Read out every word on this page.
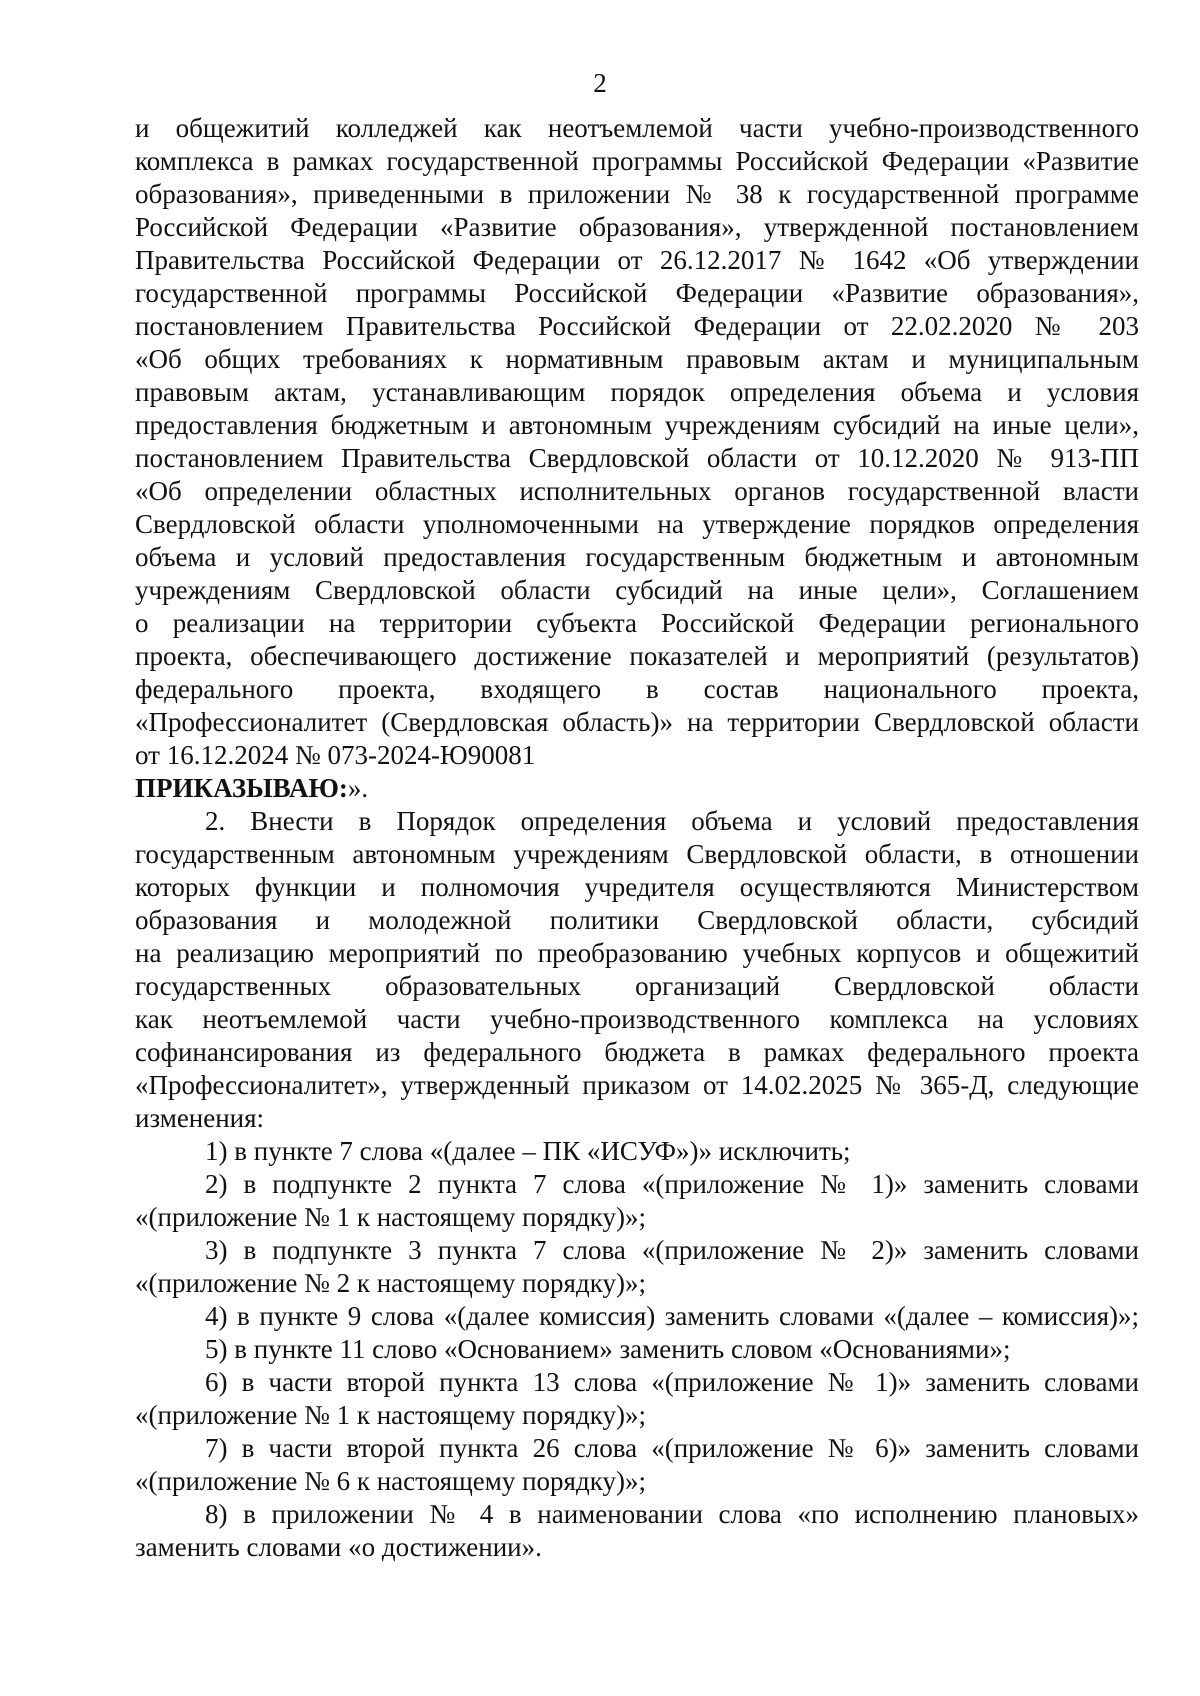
2
и общежитий колледжей как неотъемлемой части учебно-производственного
комплекса в рамках государственной программы Российской Федерации «Развитие
образования», приведенными в приложении № 38 к государственной программе
Российской Федерации «Развитие образования», утвержденной постановлением
Правительства Российской Федерации от 26.12.2017 № 1642 «Об утверждении
государственной программы Российской Федерации «Развитие образования»,
постановлением Правительства Российской Федерации от 22.02.2020 № 203
«Об общих требованиях к нормативным правовым актам и муниципальным
правовым актам, устанавливающим порядок определения объема и условия
предоставления бюджетным и автономным учреждениям субсидий на иные цели»,
постановлением Правительства Свердловской области от 10.12.2020 № 913-ПП
«Об определении областных исполнительных органов государственной власти
Свердловской области уполномоченными на утверждение порядков определения
объема и условий предоставления государственным бюджетным и автономным
учреждениям Свердловской области субсидий на иные цели», Соглашением
о реализации на территории субъекта Российской Федерации регионального
проекта, обеспечивающего достижение показателей и мероприятий (результатов)
федерального проекта, входящего в состав национального проекта,
«Профессионалитет (Свердловская область)» на территории Свердловской области
от 16.12.2024 № 073-2024-Ю90081
ПРИКАЗЫВАЮ:».
2. Внести в Порядок определения объема и условий предоставления
государственным автономным учреждениям Свердловской области, в отношении
которых функции и полномочия учредителя осуществляются Министерством
образования и молодежной политики Свердловской области, субсидий
на реализацию мероприятий по преобразованию учебных корпусов и общежитий
государственных образовательных организаций Свердловской области
как неотъемлемой части учебно-производственного комплекса на условиях
софинансирования из федерального бюджета в рамках федерального проекта
«Профессионалитет», утвержденный приказом от 14.02.2025 № 365-Д, следующие
изменения:
1) в пункте 7 слова «(далее – ПК «ИСУФ»)» исключить;
2) в подпункте 2 пункта 7 слова «(приложение № 1)» заменить словами
«(приложение № 1 к настоящему порядку)»;
3) в подпункте 3 пункта 7 слова «(приложение № 2)» заменить словами
«(приложение № 2 к настоящему порядку)»;
4) в пункте 9 слова «(далее комиссия) заменить словами «(далее – комиссия)»;
5) в пункте 11 слово «Основанием» заменить словом «Основаниями»;
6) в части второй пункта 13 слова «(приложение № 1)» заменить словами
«(приложение № 1 к настоящему порядку)»;
7) в части второй пункта 26 слова «(приложение № 6)» заменить словами
«(приложение № 6 к настоящему порядку)»;
8) в приложении № 4 в наименовании слова «по исполнению плановых»
заменить словами «о достижении».
